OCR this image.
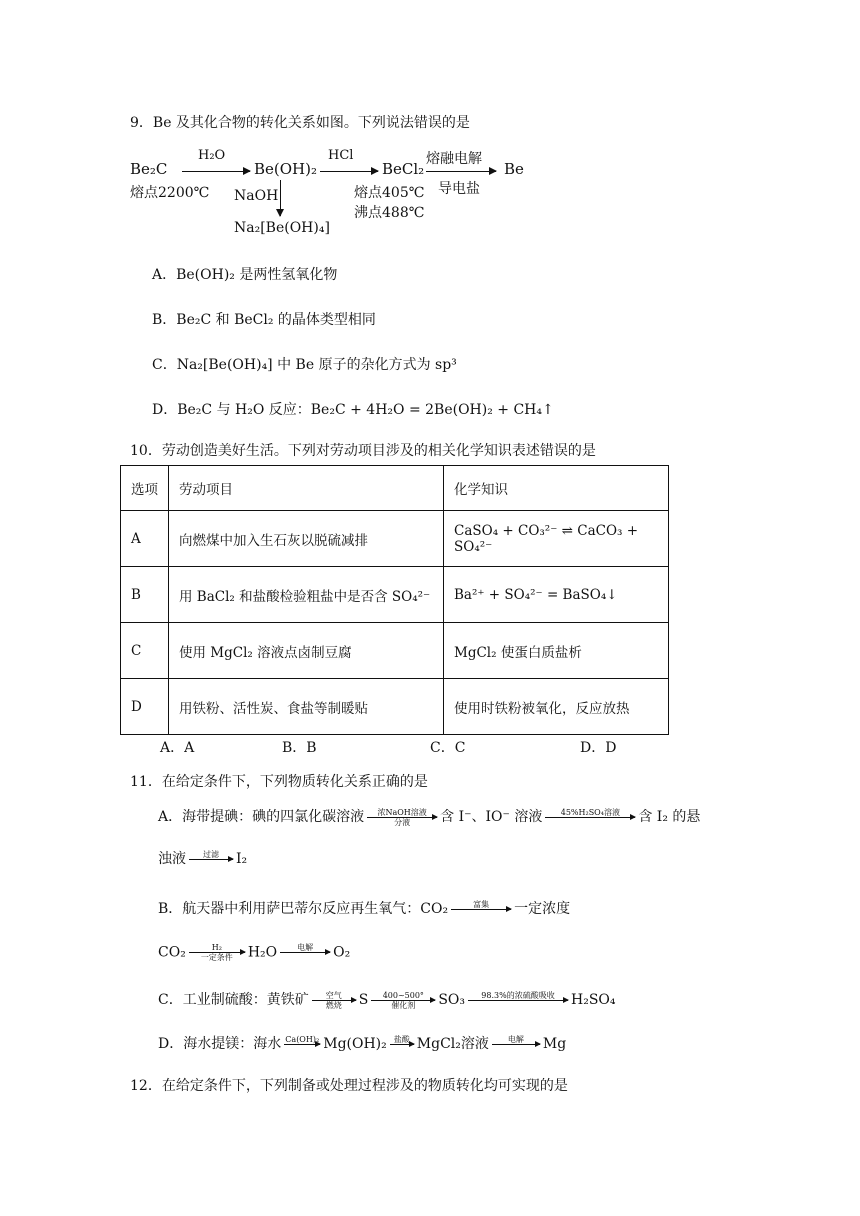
9．Be 及其化合物的转化关系如图。下列说法错误的是
Be₂C
H₂O
Be(OH)₂
HCl
BeCl₂
熔融电解
Be
熔点2200℃ NaOH	熔点405℃ 导电盐
沸点488℃
Na₂[Be(OH)₄]
A．Be(OH)₂ 是两性氢氧化物
B．Be₂C 和 BeCl₂ 的晶体类型相同
C．Na₂[Be(OH)₄] 中 Be 原子的杂化方式为 sp³
D．Be₂C 与 H₂O 反应：Be₂C + 4H₂O = 2Be(OH)₂ + CH₄↑
10．劳动创造美好生活。下列对劳动项目涉及的相关化学知识表述错误的是
选项	劳动项目	化学知识
A	向燃煤中加入生石灰以脱硫减排	CaSO₄ + CO₃²⁻ ⇌ CaCO₃ + SO₄²⁻
B	用 BaCl₂ 和盐酸检验粗盐中是否含 SO₄²⁻	Ba²⁺ + SO₄²⁻ = BaSO₄↓
C	使用 MgCl₂ 溶液点卤制豆腐	MgCl₂ 使蛋白质盐析
D	用铁粉、活性炭、食盐等制暖贴	使用时铁粉被氧化，反应放热
A．A	B．B	C．C	D．D
11．在给定条件下，下列物质转化关系正确的是
A．海带提碘：碘的四氯化碳溶液	浓NaOH溶液
分液	含 I⁻、IO⁻ 溶液	45%H₂SO₄溶液
	含 I₂ 的悬
浊液	过滤
	I₂
B．航天器中利用萨巴蒂尔反应再生氧气：CO₂	富集
	一定浓度
CO₂	H₂
一定条件	H₂O	电解
	O₂
C．工业制硫酸：黄铁矿	空气
燃烧	S	400~500°
催化剂	SO₃	98.3%的浓硫酸吸收
	H₂SO₄
D．海水提镁：海水 Ca(OH)₂
Mg(OH)₂ 盐酸
MgCl₂溶液	电解
	Mg
12．在给定条件下，下列制备或处理过程涉及的物质转化均可实现的是
